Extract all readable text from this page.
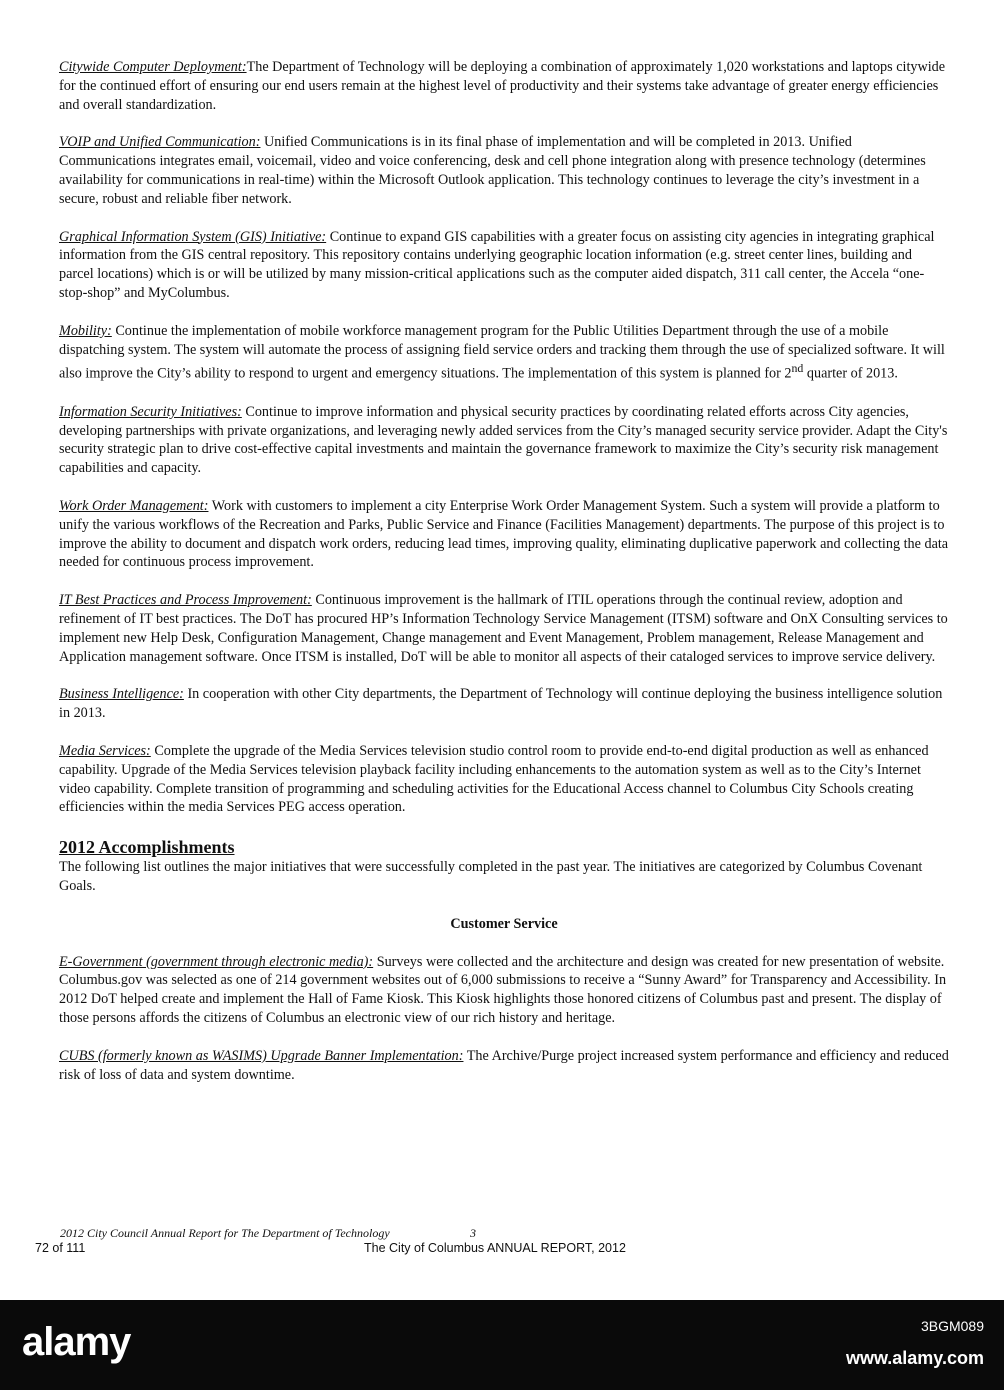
Citywide Computer Deployment:The Department of Technology will be deploying a combination of approximately 1,020 workstations and laptops citywide for the continued effort of ensuring our end users remain at the highest level of productivity and their systems take advantage of greater energy efficiencies and overall standardization.

VOIP and Unified Communication: Unified Communications is in its final phase of implementation and will be completed in 2013. Unified Communications integrates email, voicemail, video and voice conferencing, desk and cell phone integration along with presence technology (determines availability for communications in real-time) within the Microsoft Outlook application. This technology continues to leverage the city’s investment in a secure, robust and reliable fiber network.

Graphical Information System (GIS) Initiative: Continue to expand GIS capabilities with a greater focus on assisting city agencies in integrating graphical information from the GIS central repository. This repository contains underlying geographic location information (e.g. street center lines, building and parcel locations) which is or will be utilized by many mission-critical applications such as the computer aided dispatch, 311 call center, the Accela “one-stop-shop” and MyColumbus.

Mobility: Continue the implementation of mobile workforce management program for the Public Utilities Department through the use of a mobile dispatching system. The system will automate the process of assigning field service orders and tracking them through the use of specialized software. It will also improve the City’s ability to respond to urgent and emergency situations. The implementation of this system is planned for 2nd quarter of 2013.

Information Security Initiatives: Continue to improve information and physical security practices by coordinating related efforts across City agencies, developing partnerships with private organizations, and leveraging newly added services from the City’s managed security service provider. Adapt the City's security strategic plan to drive cost-effective capital investments and maintain the governance framework to maximize the City’s security risk management capabilities and capacity.

Work Order Management: Work with customers to implement a city Enterprise Work Order Management System. Such a system will provide a platform to unify the various workflows of the Recreation and Parks, Public Service and Finance (Facilities Management) departments. The purpose of this project is to improve the ability to document and dispatch work orders, reducing lead times, improving quality, eliminating duplicative paperwork and collecting the data needed for continuous process improvement.

IT Best Practices and Process Improvement: Continuous improvement is the hallmark of ITIL operations through the continual review, adoption and refinement of IT best practices. The DoT has procured HP’s Information Technology Service Management (ITSM) software and OnX Consulting services to implement new Help Desk, Configuration Management, Change management and Event Management, Problem management, Release Management and Application management software. Once ITSM is installed, DoT will be able to monitor all aspects of their cataloged services to improve service delivery.

Business Intelligence: In cooperation with other City departments, the Department of Technology will continue deploying the business intelligence solution in 2013.

Media Services: Complete the upgrade of the Media Services television studio control room to provide end-to-end digital production as well as enhanced capability. Upgrade of the Media Services television playback facility including enhancements to the automation system as well as to the City’s Internet video capability. Complete transition of programming and scheduling activities for the Educational Access channel to Columbus City Schools creating efficiencies within the media Services PEG access operation.

2012 Accomplishments

The following list outlines the major initiatives that were successfully completed in the past year. The initiatives are categorized by Columbus Covenant Goals.

Customer Service

E-Government (government through electronic media): Surveys were collected and the architecture and design was created for new presentation of website. Columbus.gov was selected as one of 214 government websites out of 6,000 submissions to receive a “Sunny Award” for Transparency and Accessibility. In 2012 DoT helped create and implement the Hall of Fame Kiosk. This Kiosk highlights those honored citizens of Columbus past and present. The display of those persons affords the citizens of Columbus an electronic view of our rich history and heritage.

CUBS (formerly known as WASIMS) Upgrade Banner Implementation: The Archive/Purge project increased system performance and efficiency and reduced risk of loss of data and system downtime.

2012 City Council Annual Report for The Department of Technology	3
72 of 111	The City of Columbus ANNUAL REPORT, 2012
alamy	3BGM089
www.alamy.com
